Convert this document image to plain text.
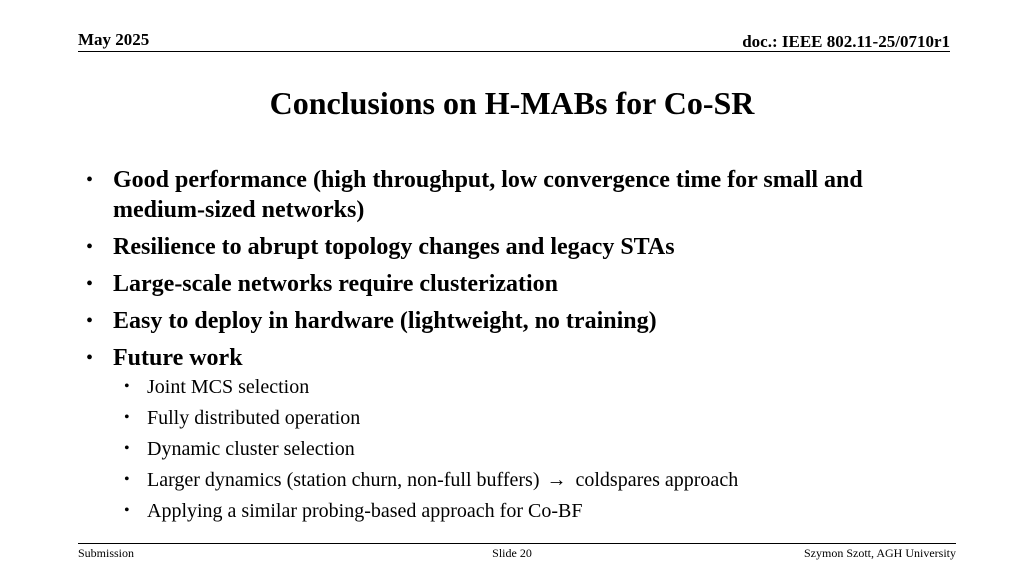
May 2025	doc.: IEEE 802.11-25/0710r1
Conclusions on H-MABs for Co-SR
• Good performance (high throughput, low convergence time for small and medium-sized networks)
• Resilience to abrupt topology changes and legacy STAs
• Large-scale networks require clusterization
• Easy to deploy in hardware (lightweight, no training)
• Future work
• Joint MCS selection
• Fully distributed operation
• Dynamic cluster selection
• Larger dynamics (station churn, non-full buffers) → coldspares approach
• Applying a similar probing-based approach for Co-BF
Submission	Slide 20	Szymon Szott, AGH University
